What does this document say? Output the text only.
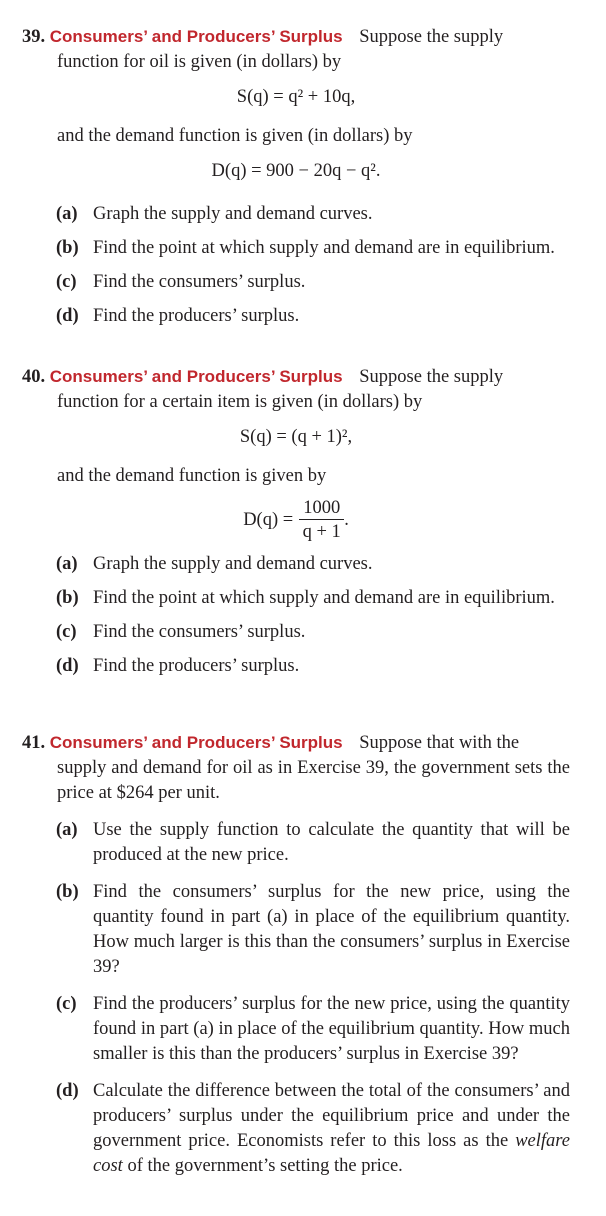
39. Consumers’ and Producers’ Surplus Suppose the supply

function for oil is given (in dollars) by
S(q) = q² + 10q,

and the demand function is given (in dollars) by

D(q) = 900 − 20q − q².

(a) Graph the supply and demand curves.

(b) Find the point at which supply and demand are in equilibrium.

(c) Find the consumers’ surplus.

(d) Find the producers’ surplus.

40. Consumers’ and Producers’ Surplus Suppose the supply

function for a certain item is given (in dollars) by
S(q) = (q + 1)²,

and the demand function is given by

$D(q) = \frac{1000}{q + 1}$ .

(a) Graph the supply and demand curves.

(b) Find the point at which supply and demand are in equilibrium.

(c) Find the consumers’ surplus.

(d) Find the producers’ surplus.

41. Consumers’ and Producers’ Surplus Suppose that with the

supply and demand for oil as in Exercise 39, the government sets the price at $264 per unit.

(a) Use the supply function to calculate the quantity that will be produced at the new price.

(b) Find the consumers’ surplus for the new price, using the quantity found in part (a) in place of the equilibrium quantity. How much larger is this than the consumers’ surplus in Exercise 39?

(c) Find the producers’ surplus for the new price, using the quantity found in part (a) in place of the equilibrium quantity. How much smaller is this than the producers’ surplus in Exercise 39?

(d) Calculate the difference between the total of the consumers’ and producers’ surplus under the equilibrium price and under the government price. Economists refer to this loss as the welfare cost of the government’s setting the price.
